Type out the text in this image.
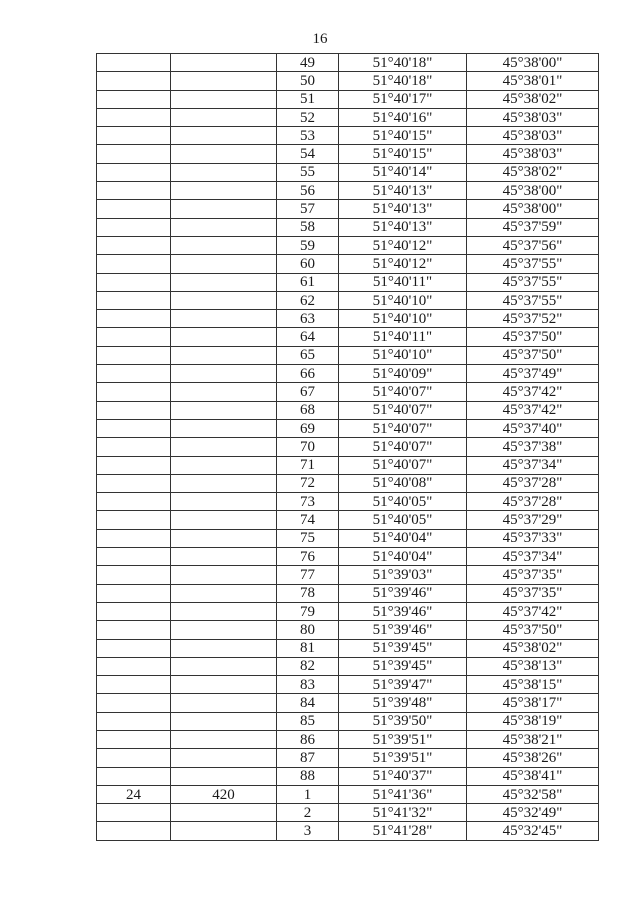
16
		49	51°40'18"	45°38'00"
		50	51°40'18"	45°38'01"
		51	51°40'17"	45°38'02"
		52	51°40'16"	45°38'03"
		53	51°40'15"	45°38'03"
		54	51°40'15"	45°38'03"
		55	51°40'14"	45°38'02"
		56	51°40'13"	45°38'00"
		57	51°40'13"	45°38'00"
		58	51°40'13"	45°37'59"
		59	51°40'12"	45°37'56"
		60	51°40'12"	45°37'55"
		61	51°40'11"	45°37'55"
		62	51°40'10"	45°37'55"
		63	51°40'10"	45°37'52"
		64	51°40'11"	45°37'50"
		65	51°40'10"	45°37'50"
		66	51°40'09"	45°37'49"
		67	51°40'07"	45°37'42"
		68	51°40'07"	45°37'42"
		69	51°40'07"	45°37'40"
		70	51°40'07"	45°37'38"
		71	51°40'07"	45°37'34"
		72	51°40'08"	45°37'28"
		73	51°40'05"	45°37'28"
		74	51°40'05"	45°37'29"
		75	51°40'04"	45°37'33"
		76	51°40'04"	45°37'34"
		77	51°39'03"	45°37'35"
		78	51°39'46"	45°37'35"
		79	51°39'46"	45°37'42"
		80	51°39'46"	45°37'50"
		81	51°39'45"	45°38'02"
		82	51°39'45"	45°38'13"
		83	51°39'47"	45°38'15"
		84	51°39'48"	45°38'17"
		85	51°39'50"	45°38'19"
		86	51°39'51"	45°38'21"
		87	51°39'51"	45°38'26"
		88	51°40'37"	45°38'41"
24	420	1	51°41'36"	45°32'58"
		2	51°41'32"	45°32'49"
		3	51°41'28"	45°32'45"
